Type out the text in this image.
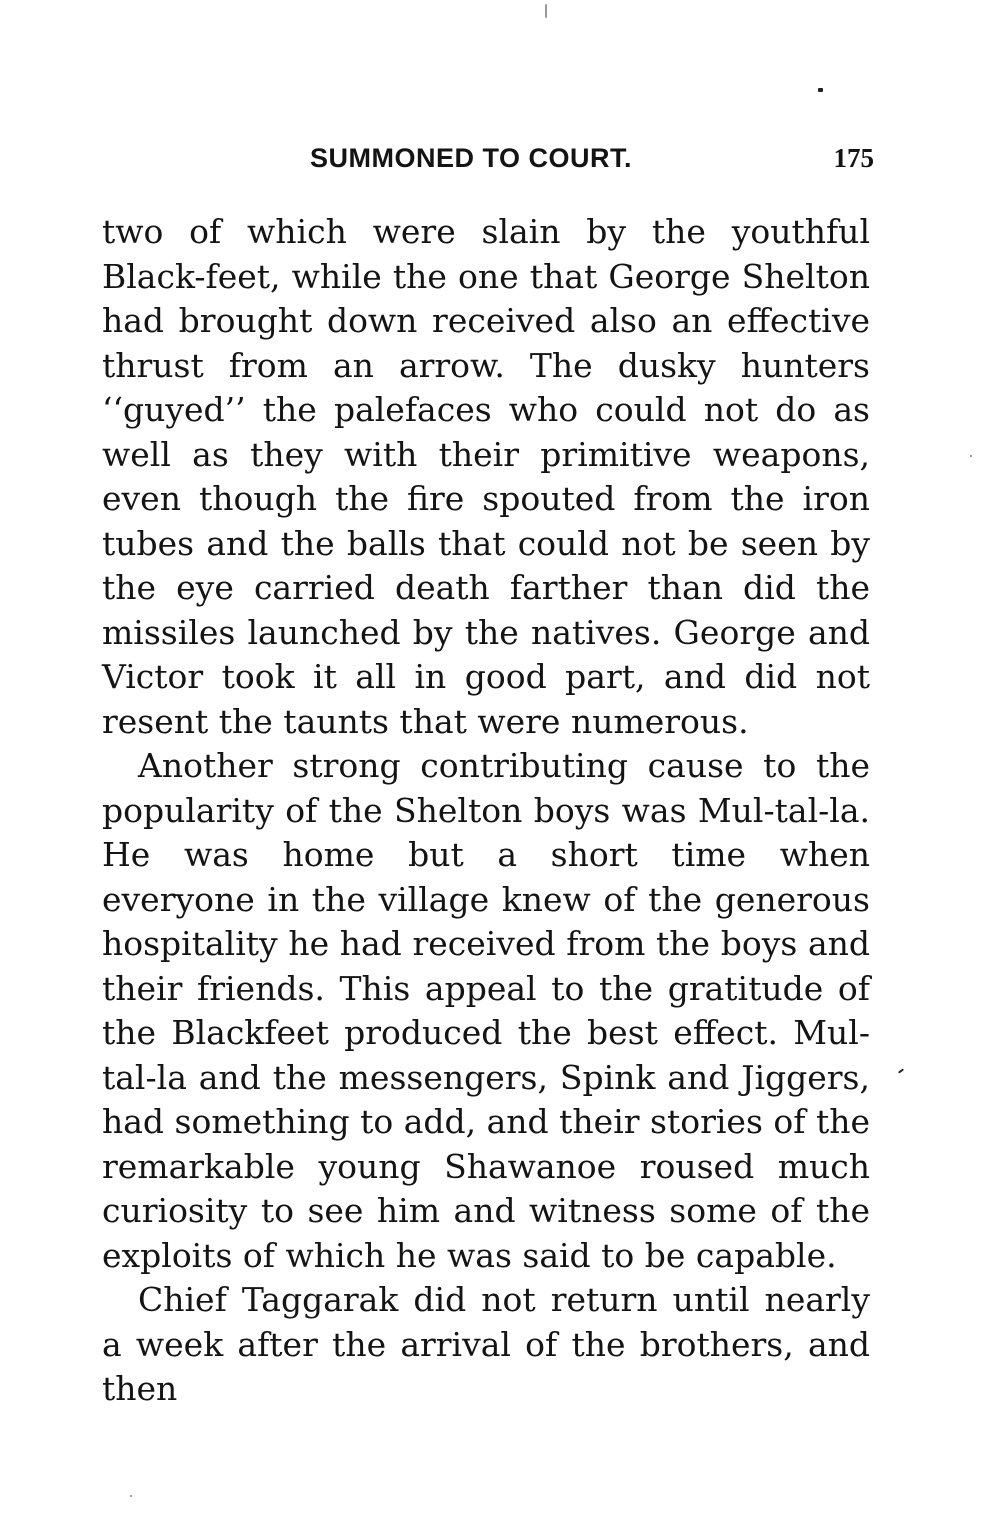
SUMMONED TO COURT.	175

two of which were slain by the youthful Black-feet, while the one that George Shelton had brought down received also an effective thrust from an arrow. The dusky hunters ‘‘guyed’’ the palefaces who could not do as well as they with their primitive weapons, even though the fire spouted from the iron tubes and the balls that could not be seen by the eye carried death farther than did the missiles launched by the natives. George and Victor took it all in good part, and did not resent the taunts that were numerous.

Another strong contributing cause to the popularity of the Shelton boys was Mul-tal-la. He was home but a short time when everyone in the village knew of the generous hospitality he had received from the boys and their friends. This appeal to the gratitude of the Blackfeet produced the best effect. Mul-tal-la and the messengers, Spink and Jiggers, had something to add, and their stories of the remarkable young Shawanoe roused much curiosity to see him and witness some of the exploits of which he was said to be capable.

Chief Taggarak did not return until nearly a week after the arrival of the brothers, and then
